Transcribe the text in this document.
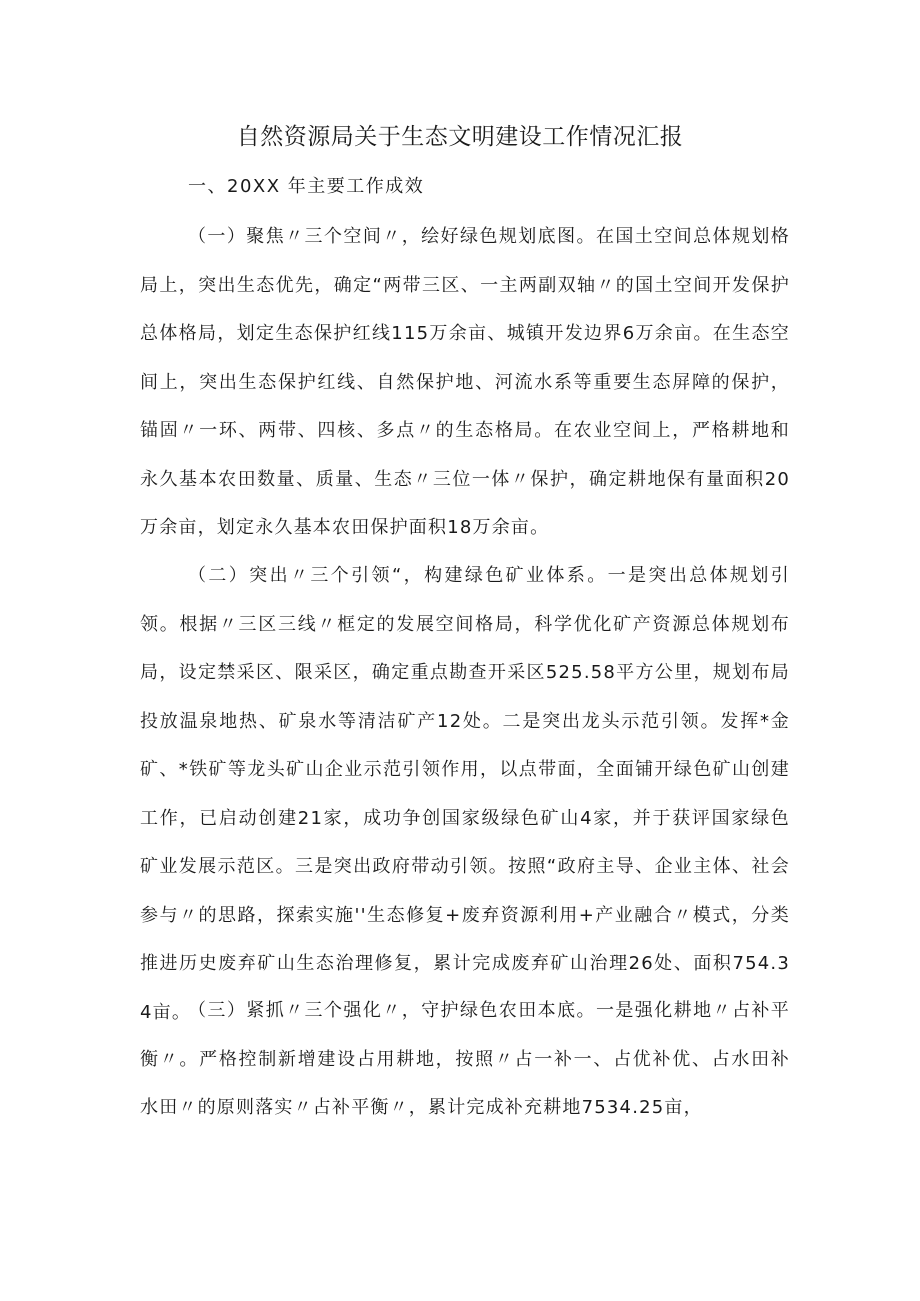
自然资源局关于生态文明建设工作情况汇报
一、20XX 年主要工作成效

（一）聚焦〃三个空间〃，绘好绿色规划底图。在国土空间总体规划格局上，突出生态优先，确定“两带三区、一主两副双轴〃的国土空间开发保护总体格局，划定生态保护红线115万余亩、城镇开发边界6万余亩。在生态空间上，突出生态保护红线、自然保护地、河流水系等重要生态屏障的保护，锚固〃一环、两带、四核、多点〃的生态格局。在农业空间上，严格耕地和永久基本农田数量、质量、生态〃三位一体〃保护，确定耕地保有量面积20万余亩，划定永久基本农田保护面积18万余亩。

（二）突出〃三个引领“，构建绿色矿业体系。一是突出总体规划引领。根据〃三区三线〃框定的发展空间格局，科学优化矿产资源总体规划布局，设定禁采区、限采区，确定重点勘查开采区525.58平方公里，规划布局投放温泉地热、矿泉水等清洁矿产12处。二是突出龙头示范引领。发挥*金矿、*铁矿等龙头矿山企业示范引领作用，以点带面，全面铺开绿色矿山创建工作，已启动创建21家，成功争创国家级绿色矿山4家，并于获评国家绿色矿业发展示范区。三是突出政府带动引领。按照“政府主导、企业主体、社会参与〃的思路，探索实施''生态修复+废弃资源利用+产业融合〃模式，分类推进历史废弃矿山生态治理修复，累计完成废弃矿山治理26处、面积754.34亩。

（三）紧抓〃三个强化〃，守护绿色农田本底。一是强化耕地〃占补平衡〃。严格控制新增建设占用耕地，按照〃占一补一、占优补优、占水田补水田〃的原则落实〃占补平衡〃，累计完成补充耕地7534.25亩，
